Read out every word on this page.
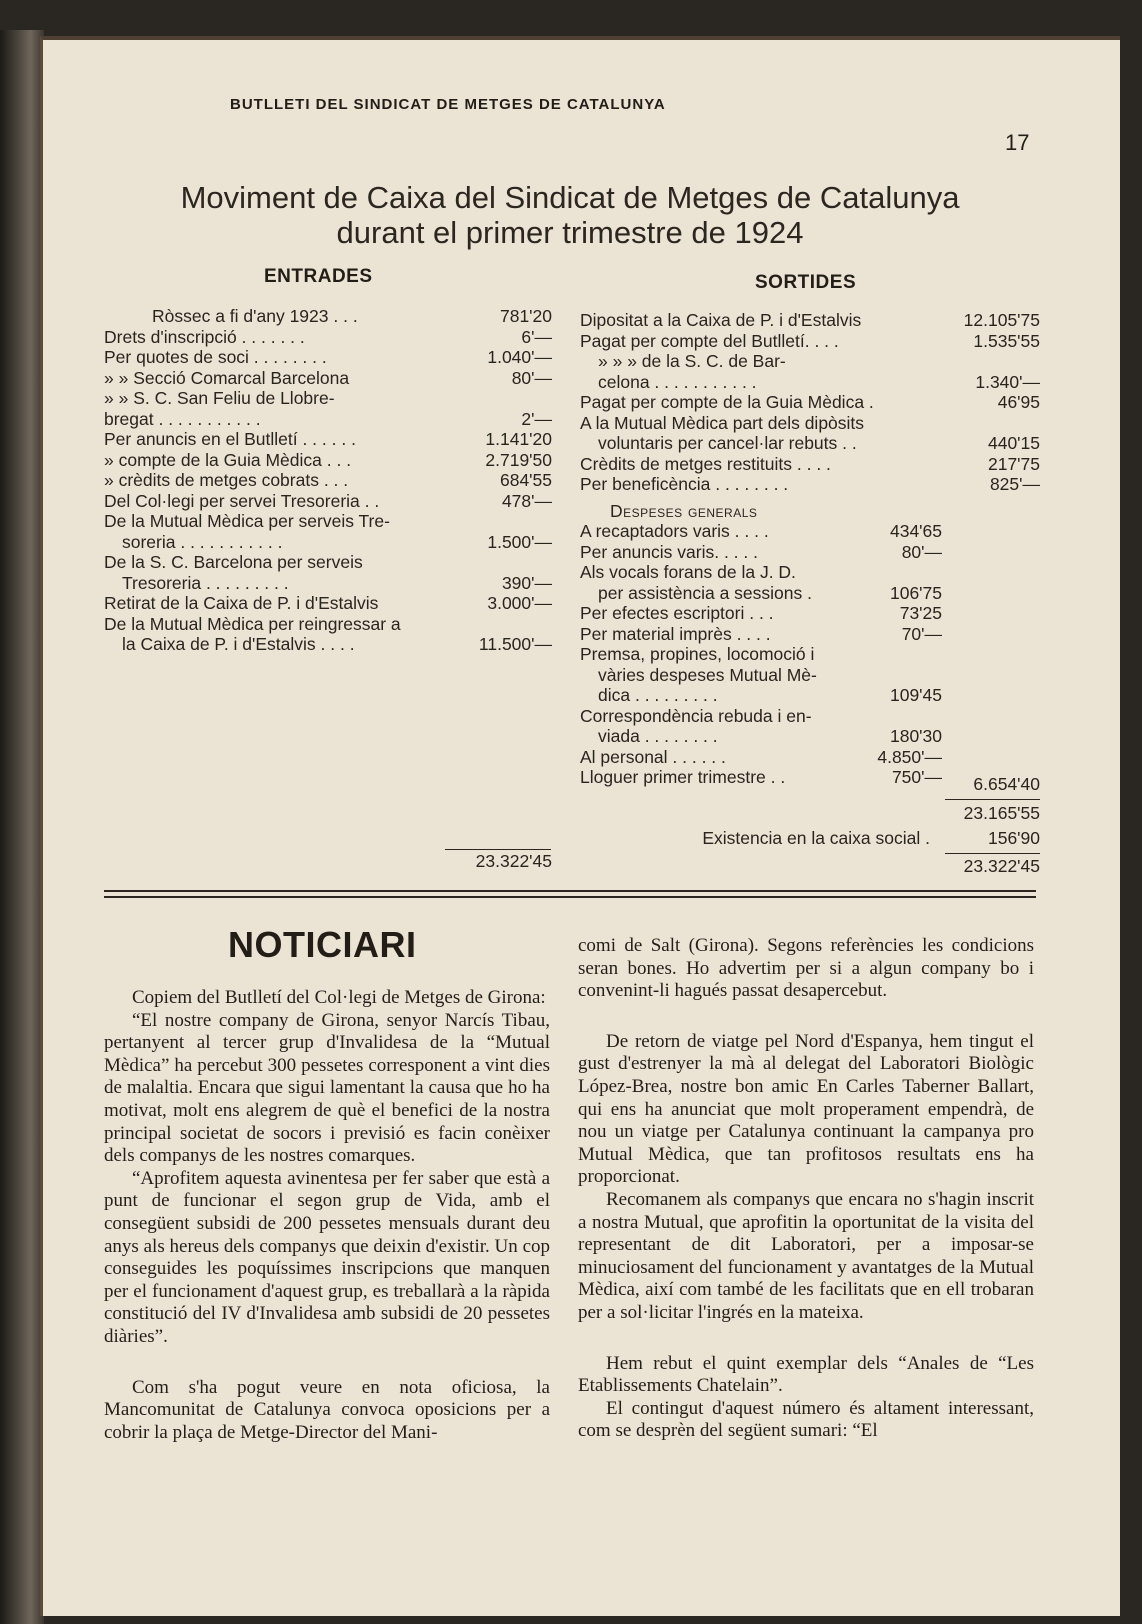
BUTLLETI DEL SINDICAT DE METGES DE CATALUNYA
17
Moviment de Caixa del Sindicat de Metges de Catalunya
durant el primer trimestre de 1924
ENTRADES	SORTIDES
Ròssec a fi d'any 1923 . . .	781'20
Drets d'inscripció . . . . . . .	6'—
Per quotes de soci . . . . . . . .	1.040'—
» » Secció Comarcal Barcelona	80'—
» » S. C. San Feliu de Llobre-
bregat . . . . . . . . . . .	2'—
Per anuncis en el Butlletí . . . . . .	1.141'20
» compte de la Guia Mèdica . . .	2.719'50
» crèdits de metges cobrats . . .	684'55
Del Col·legi per servei Tresoreria . .	478'—
De la Mutual Mèdica per serveis Tre-
soreria . . . . . . . . . . .	1.500'—
De la S. C. Barcelona per serveis
Tresoreria . . . . . . . . .	390'—
Retirat de la Caixa de P. i d'Estalvis	3.000'—
De la Mutual Mèdica per reingressar a
la Caixa de P. i d'Estalvis . . . .	11.500'—
23.322'45
Dipositat a la Caixa de P. i d'Estalvis	12.105'75
Pagat per compte del Butlletí. . . .	1.535'55
» » » de la S. C. de Bar-
celona . . . . . . . . . . .	1.340'—
Pagat per compte de la Guia Mèdica .	46'95
A la Mutual Mèdica part dels dipòsits
voluntaris per cancel·lar rebuts . .	440'15
Crèdits de metges restituits . . . .	217'75
Per beneficència . . . . . . . .	825'—
Despeses generals
A recaptadors varis . . . .	434'65
Per anuncis varis. . . . .	80'—
Als vocals forans de la J. D.
per assistència a sessions .	106'75
Per efectes escriptori . . .	73'25
Per material imprès . . . .	70'—
Premsa, propines, locomoció i
vàries despeses Mutual Mè-
dica . . . . . . . . .	109'45
Correspondència rebuda i en-
viada . . . . . . . .	180'30
Al personal . . . . . .	4.850'—
Lloguer primer trimestre . .	750'—	6.654'40
23.165'55
Existencia en la caixa social .	156'90
23.322'45
NOTICIARI

Copiem del Butlletí del Col·legi de Metges de Girona:

“El nostre company de Girona, senyor Narcís Tibau, pertanyent al tercer grup d'Invalidesa de la “Mutual Mèdica” ha percebut 300 pessetes corresponent a vint dies de malaltia. Encara que sigui lamentant la causa que ho ha motivat, molt ens alegrem de què el benefici de la nostra principal societat de socors i previsió es facin conèixer dels companys de les nostres comarques.

“Aprofitem aquesta avinentesa per fer saber que està a punt de funcionar el segon grup de Vida, amb el consegüent subsidi de 200 pessetes mensuals durant deu anys als hereus dels companys que deixin d'existir. Un cop conseguides les poquíssimes inscripcions que manquen per el funcionament d'aquest grup, es treballarà a la ràpida constitució del IV d'Invalidesa amb subsidi de 20 pessetes diàries”.

Com s'ha pogut veure en nota oficiosa, la Mancomunitat de Catalunya convoca oposicions per a cobrir la plaça de Metge-Director del Mani-

comi de Salt (Girona). Segons referències les condicions seran bones. Ho advertim per si a algun company bo i convenint-li hagués passat desapercebut.

De retorn de viatge pel Nord d'Espanya, hem tingut el gust d'estrenyer la mà al delegat del Laboratori Biològic López-Brea, nostre bon amic En Carles Taberner Ballart, qui ens ha anunciat que molt properament empendrà, de nou un viatge per Catalunya continuant la campanya pro Mutual Mèdica, que tan profitosos resultats ens ha proporcionat.

Recomanem als companys que encara no s'hagin inscrit a nostra Mutual, que aprofitin la oportunitat de la visita del representant de dit Laboratori, per a imposar-se minuciosament del funcionament y avantatges de la Mutual Mèdica, així com també de les facilitats que en ell trobaran per a sol·licitar l'ingrés en la mateixa.

Hem rebut el quint exemplar dels “Anales de “Les Etablissements Chatelain”.

El contingut d'aquest número és altament interessant, com se desprèn del següent sumari: “El
